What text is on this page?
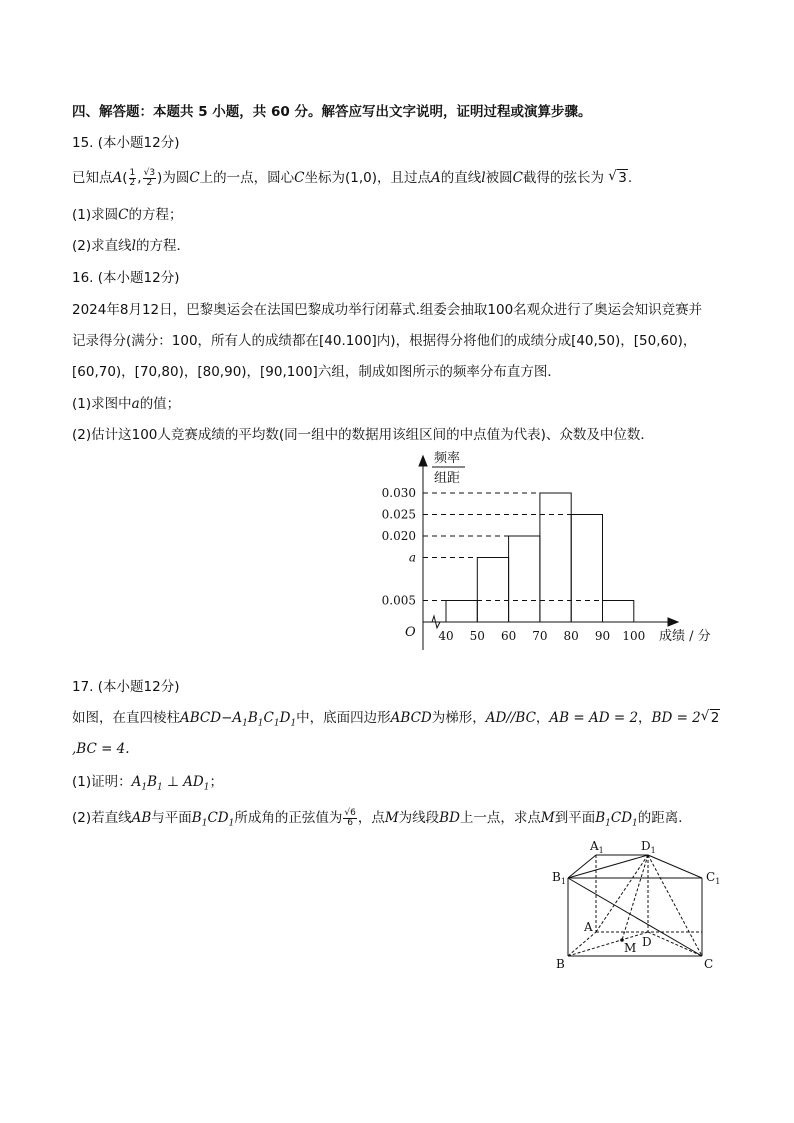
四、解答题：本题共 5 小题，共 60 分。解答应写出文字说明，证明过程或演算步骤。
15. (本小题12分)
已知点$A( \frac{1}{2}$ , $\frac{√3}{2}$ )为圆C上的一点，圆心C坐标为(1,0)，且过点A的直线l被圆C截得的弦长为 √ 3.
(1)求圆C的方程；
(2)求直线l的方程．
16. (本小题12分)
2024年8月12日，巴黎奥运会在法国巴黎成功举行闭幕式.组委会抽取100名观众进行了奥运会知识竞赛并
记录得分(满分：100，所有人的成绩都在[40.100]内)，根据得分将他们的成绩分成[40,50)，[50,60)，
[60,70)，[70,80)，[80,90)，[90,100]六组，制成如图所示的频率分布直方图．
(1)求图中a的值；
(2)估计这100人竞赛成绩的平均数(同一组中的数据用该组区间的中点值为代表)、众数及中位数．
频率
组距
O	成绩 / 分
0.030
0.025
0.020
a
0.005
40 50 60 70 80 90 100
17. (本小题12分)
如图，在直四棱柱$ABCD-A_1B_1C_1D_1$中，底面四边形ABCD为梯形，AD//BC，AB = AD = 2，BD = 2 √ 2
,BC = 4.
(1)证明：$A_1B_1$ ⊥ $AD_1$；
(2)若直线AB与平面$B_1CD_1$所成角的正弦值为 $\frac{√6}{6}$ ，点M为线段BD上一点，求点M到平面$B_1CD_1$的距离．
$A_1$	$D_1$
$B_1$	$C_1$
A
D
M
B	C
